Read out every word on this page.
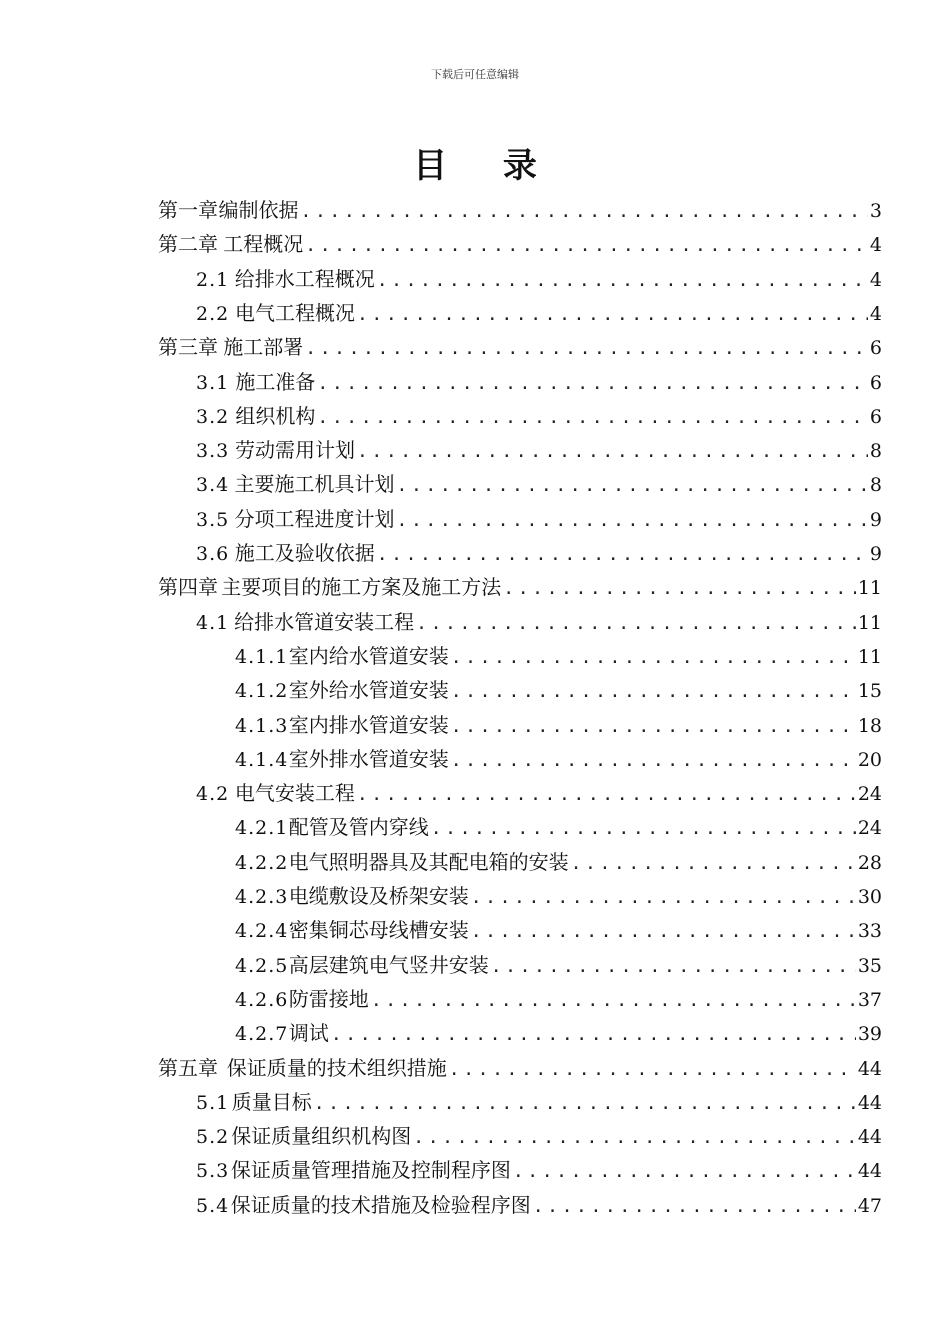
下载后可任意编辑
目 录
第一章 编制依据 .....	3
第二章 工程概况 .....	4
2.1 给排水工程概况 .....	4
2.2 电气工程概况 .....	4
第三章 施工部署 .....	6
3.1 施工准备 .....	6
3.2 组织机构 .....	6
3.3 劳动需用计划 .....	8
3.4 主要施工机具计划 .....	8
3.5 分项工程进度计划 .....	9
3.6 施工及验收依据 .....	9
第四章 主要项目的施工方案及施工方法 .....	11
4.1 给排水管道安装工程 .....	11
4.1.1 室内给水管道安装 .....	11
4.1.2 室外给水管道安装 .....	15
4.1.3 室内排水管道安装 .....	18
4.1.4 室外排水管道安装 .....	20
4.2 电气安装工程 .....	24
4.2.1 配管及管内穿线 .....	24
4.2.2 电气照明器具及其配电箱的安装 .....	28
4.2.3 电缆敷设及桥架安装 .....	30
4.2.4 密集铜芯母线槽安装 .....	33
4.2.5 高层建筑电气竖井安装 .....	35
4.2.6 防雷接地 .....	37
4.2.7 调试 .....	39
第五章 保证质量的技术组织措施 .....	44
5.1 质量目标 .....	44
5.2 保证质量组织机构图 .....	44
5.3 保证质量管理措施及控制程序图 .....	44
5.4 保证质量的技术措施及检验程序图 .....	47
